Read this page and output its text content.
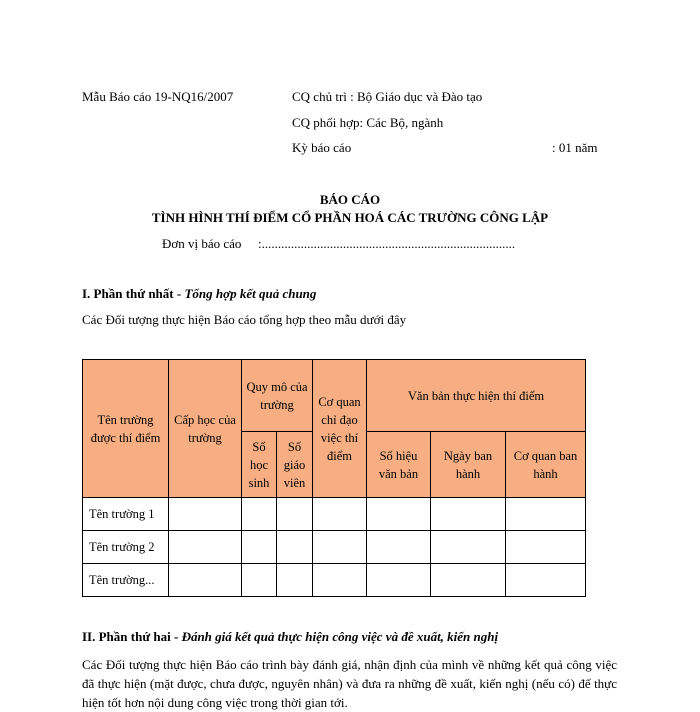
Mẫu Báo cáo 19-NQ16/2007	CQ chủ trì : Bộ Giáo dục và Đào tạo
CQ phối hợp: Các Bộ, ngành
Kỳ báo cáo	: 01 năm
BÁO CÁO
TÌNH HÌNH THÍ ĐIỂM CỔ PHẦN HOÁ CÁC TRƯỜNG CÔNG LẬP
Đơn vị báo cáo :..............................................................................
I. Phần thứ nhất - Tổng hợp kết quả chung
Các Đối tượng thực hiện Báo cáo tổng hợp theo mẫu dưới đây
Tên trường được thí điểm	Cấp học của trường	Quy mô của trường		Cơ quan chỉ đạo việc thí điểm	Văn bản thực hiện thí điểm		
		Số học sinh	Số giáo viên		Số hiệu văn bản	Ngày ban hành	Cơ quan ban hành
Tên trường 1							
Tên trường 2							
Tên trường...							
II. Phần thứ hai - Đánh giá kết quả thực hiện công việc và đề xuất, kiến nghị
Các Đối tượng thực hiện Báo cáo trình bày đánh giá, nhận định của mình về những kết quả công việc đã thực hiện (mặt được, chưa được, nguyên nhân) và đưa ra những đề xuất, kiến nghị (nếu có) để thực hiện tốt hơn nội dung công việc trong thời gian tới.
